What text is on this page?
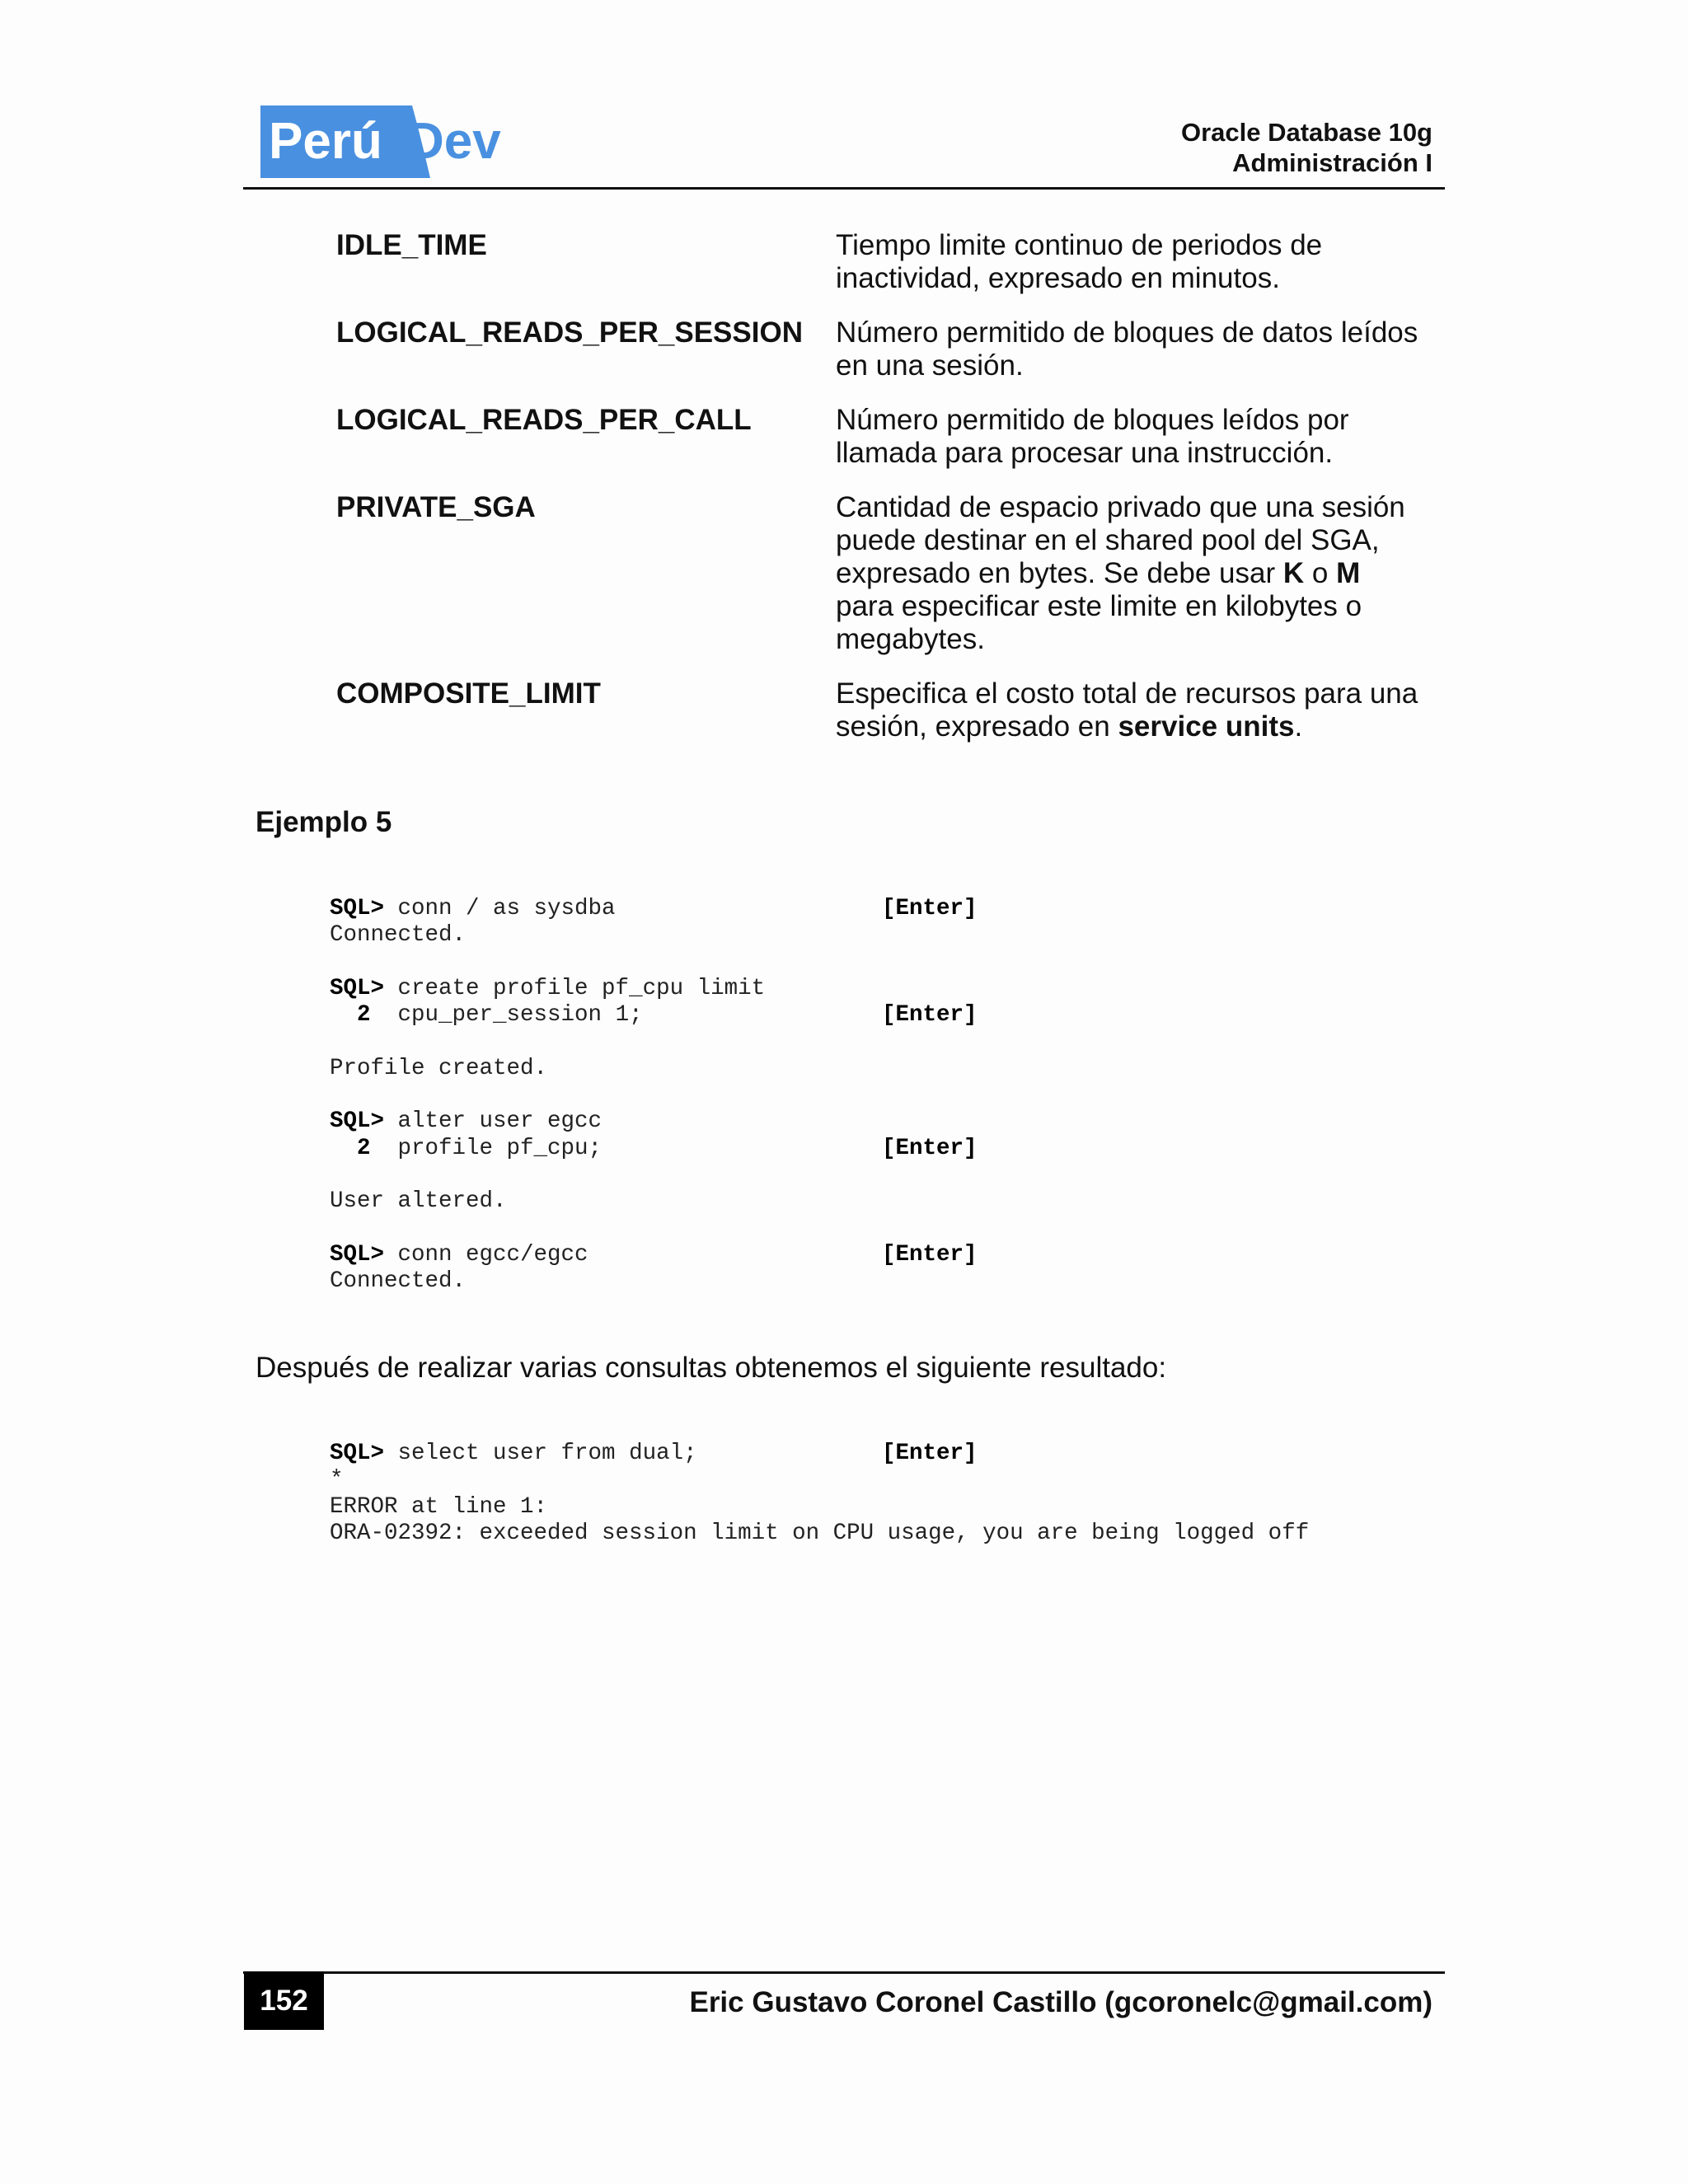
Perú Dev	Oracle Database 10g
Administración I
IDLE_TIME	Tiempo limite continuo de periodos de
inactividad, expresado en minutos.
LOGICAL_READS_PER_SESSION	Número permitido de bloques de datos leídos
en una sesión.
LOGICAL_READS_PER_CALL	Número permitido de bloques leídos por
llamada para procesar una instrucción.
PRIVATE_SGA	Cantidad de espacio privado que una sesión
puede destinar en el shared pool del SGA,
expresado en bytes. Se debe usar K o M
para especificar este limite en kilobytes o
megabytes.
COMPOSITE_LIMIT	Especifica el costo total de recursos para una
sesión, expresado en service units.
Ejemplo 5
SQL> conn / as sysdba	[Enter]
Connected.
SQL> create profile pf_cpu limit
2  cpu_per_session 1;	[Enter]
Profile created.
SQL> alter user egcc
2  profile pf_cpu;	[Enter]
User altered.
SQL> conn egcc/egcc	[Enter]
Connected.
Después de realizar varias consultas obtenemos el siguiente resultado:
SQL> select user from dual;	[Enter]
*
ERROR at line 1:
ORA-02392: exceeded session limit on CPU usage, you are being logged off
152	Eric Gustavo Coronel Castillo (gcoronelc@gmail.com)
